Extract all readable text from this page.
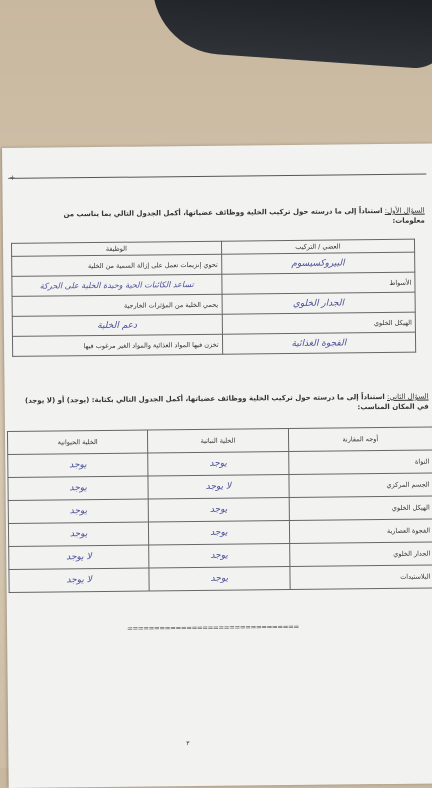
+
السؤال الأول: استناداً إلى ما درسته حول تركيب الخلية ووظائف عضياتها، أكمل الجدول التالي بما يناسب من معلومات:
العضي / التركيب	الوظيفة
البيروكسيسوم	تحوي إنزيمات تعمل على إزالة السمية من الخلية
الأسواط	تساعد الكائنات الحية وحيدة الخلية على الحركة
الجدار الخلوي	يحمي الخلية من المؤثرات الخارجية
الهيكل الخلوي	دعم الخلية
الفجوة الغذائية	تخزن فيها المواد الغذائية والمواد الغير مرغوب فيها
السؤال الثاني: استناداً إلى ما درسته حول تركيب الخلية ووظائف عضياتها، أكمل الجدول التالي بكتابة: (يوجد) أو (لا يوجد) في المكان المناسب:
أوجه المقارنة	الخلية النباتية	الخلية الحيوانية
النواة	يوجد	يوجد
الجسم المركزي	لا يوجد	يوجد
الهيكل الخلوي	يوجد	يوجد
الفجوة العصارية	يوجد	يوجد
الجدار الخلوي	يوجد	لا يوجد
البلاستيدات	يوجد	لا يوجد
================================
٣
